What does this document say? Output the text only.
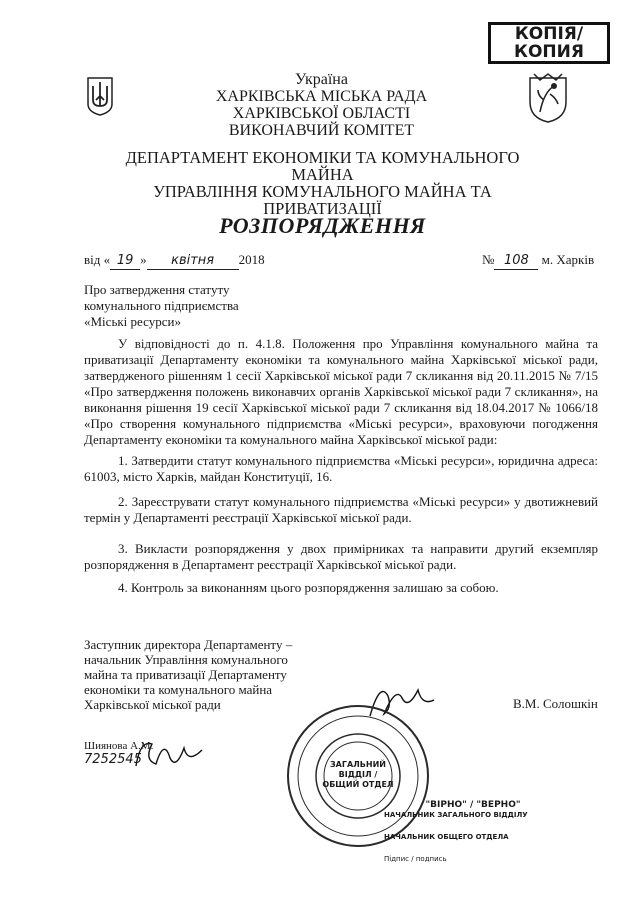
КОПІЯ/
КОПИЯ
Україна
ХАРКІВСЬКА МІСЬКА РАДА
ХАРКІВСЬКОЇ ОБЛАСТІ
ВИКОНАВЧИЙ КОМІТЕТ
ДЕПАРТАМЕНТ ЕКОНОМІКИ ТА КОМУНАЛЬНОГО МАЙНА
УПРАВЛІННЯ КОМУНАЛЬНОГО МАЙНА ТА
ПРИВАТИЗАЦІЇ
РОЗПОРЯДЖЕННЯ
від « 19 » квітня 2018	№ 108 м. Харків
Про затвердження статуту
комунального підприємства
«Міські ресурси»
У відповідності до п. 4.1.8. Положення про Управління комунального майна та приватизації Департаменту економіки та комунального майна Харківської міської ради, затвердженого рішенням 1 сесії Харківської міської ради 7 скликання від 20.11.2015 № 7/15 «Про затвердження положень виконавчих органів Харківської міської ради 7 скликання», на виконання рішення 19 сесії Харківської міської ради 7 скликання від 18.04.2017 № 1066/18 «Про створення комунального підприємства «Міські ресурси», враховуючи погодження Департаменту економіки та комунального майна Харківської міської ради:
1. Затвердити статут комунального підприємства «Міські ресурси», юридична адреса: 61003, місто Харків, майдан Конституції, 16.
2. Зареєструвати статут комунального підприємства «Міські ресурси» у двотижневий термін у Департаменті реєстрації Харківської міської ради.
3. Викласти розпорядження у двох примірниках та направити другий екземпляр розпорядження в Департамент реєстрації Харківської міської ради.
4. Контроль за виконанням цього розпорядження залишаю за собою.
Заступник директора Департаменту –
начальник Управління комунального
майна та приватизації Департаменту
економіки та комунального майна
Харківської міської ради	В.М. Солошкін
Шиянова А.М.
7252545	ЗАГАЛЬНИЙ
ВІДДІЛ /
ОБЩИЙ ОТДЕЛ
"ВІРНО" / "ВЕРНО"
НАЧАЛЬНИК ЗАГАЛЬНОГО ВІДДІЛУ
НАЧАЛЬНИК ОБЩЕГО ОТДЕЛА
Підпис / подпись
